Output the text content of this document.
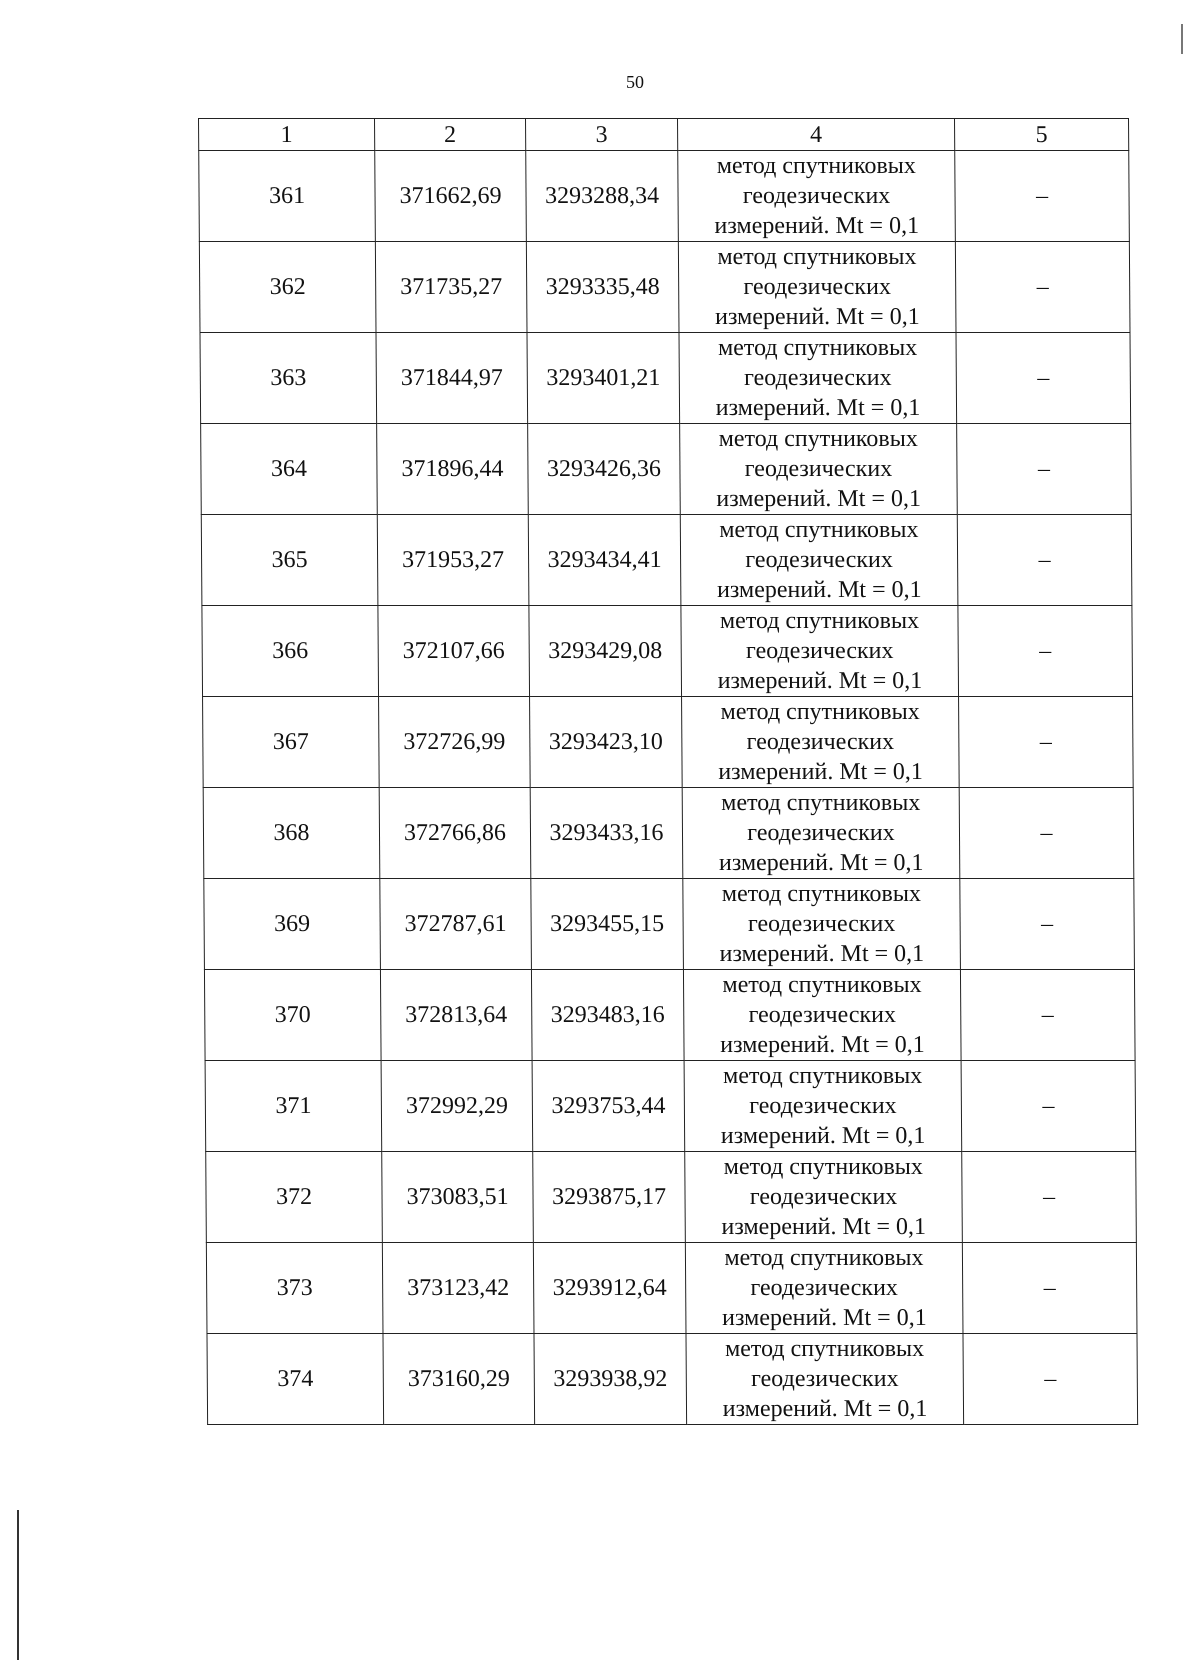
50
1	2	3	4	5
361	371662,69	3293288,34	метод спутниковых
геодезических
измерений. Mt = 0,1	–
362	371735,27	3293335,48	метод спутниковых
геодезических
измерений. Mt = 0,1	–
363	371844,97	3293401,21	метод спутниковых
геодезических
измерений. Mt = 0,1	–
364	371896,44	3293426,36	метод спутниковых
геодезических
измерений. Mt = 0,1	–
365	371953,27	3293434,41	метод спутниковых
геодезических
измерений. Mt = 0,1	–
366	372107,66	3293429,08	метод спутниковых
геодезических
измерений. Mt = 0,1	–
367	372726,99	3293423,10	метод спутниковых
геодезических
измерений. Mt = 0,1	–
368	372766,86	3293433,16	метод спутниковых
геодезических
измерений. Mt = 0,1	–
369	372787,61	3293455,15	метод спутниковых
геодезических
измерений. Mt = 0,1	–
370	372813,64	3293483,16	метод спутниковых
геодезических
измерений. Mt = 0,1	–
371	372992,29	3293753,44	метод спутниковых
геодезических
измерений. Mt = 0,1	–
372	373083,51	3293875,17	метод спутниковых
геодезических
измерений. Mt = 0,1	–
373	373123,42	3293912,64	метод спутниковых
геодезических
измерений. Mt = 0,1	–
374	373160,29	3293938,92	метод спутниковых
геодезических
измерений. Mt = 0,1	–
